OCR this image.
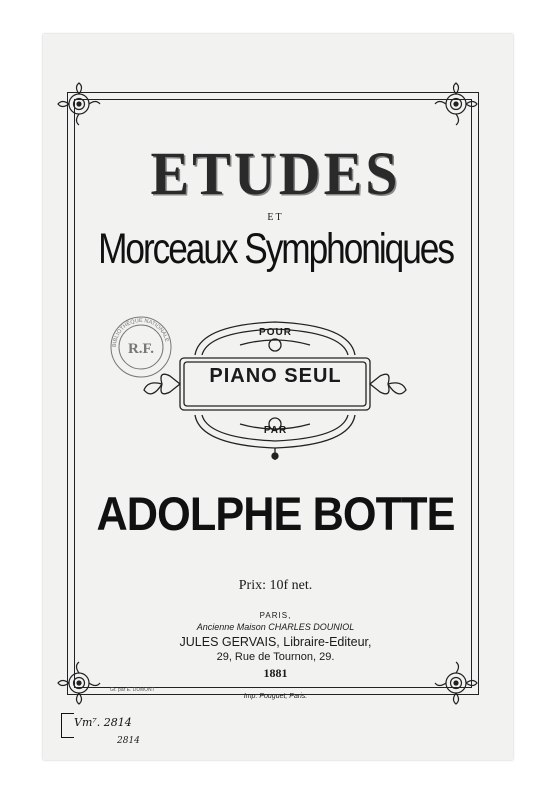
ETUDES
ET
Morceaux Symphoniques
POUR
PIANO SEUL
PAR
BIBLIOTHÈQUE NATIONALE
R.F.
ADOLPHE BOTTE
Prix: 10f net.
PARIS,
Ancienne Maison CHARLES DOUNIOL
JULES GERVAIS, Libraire-Editeur,
29, Rue de Tournon, 29.
1881
Gr. par E. DUMONT
Imp. Pouguet, Paris.
Vm⁷. 2814
2814
